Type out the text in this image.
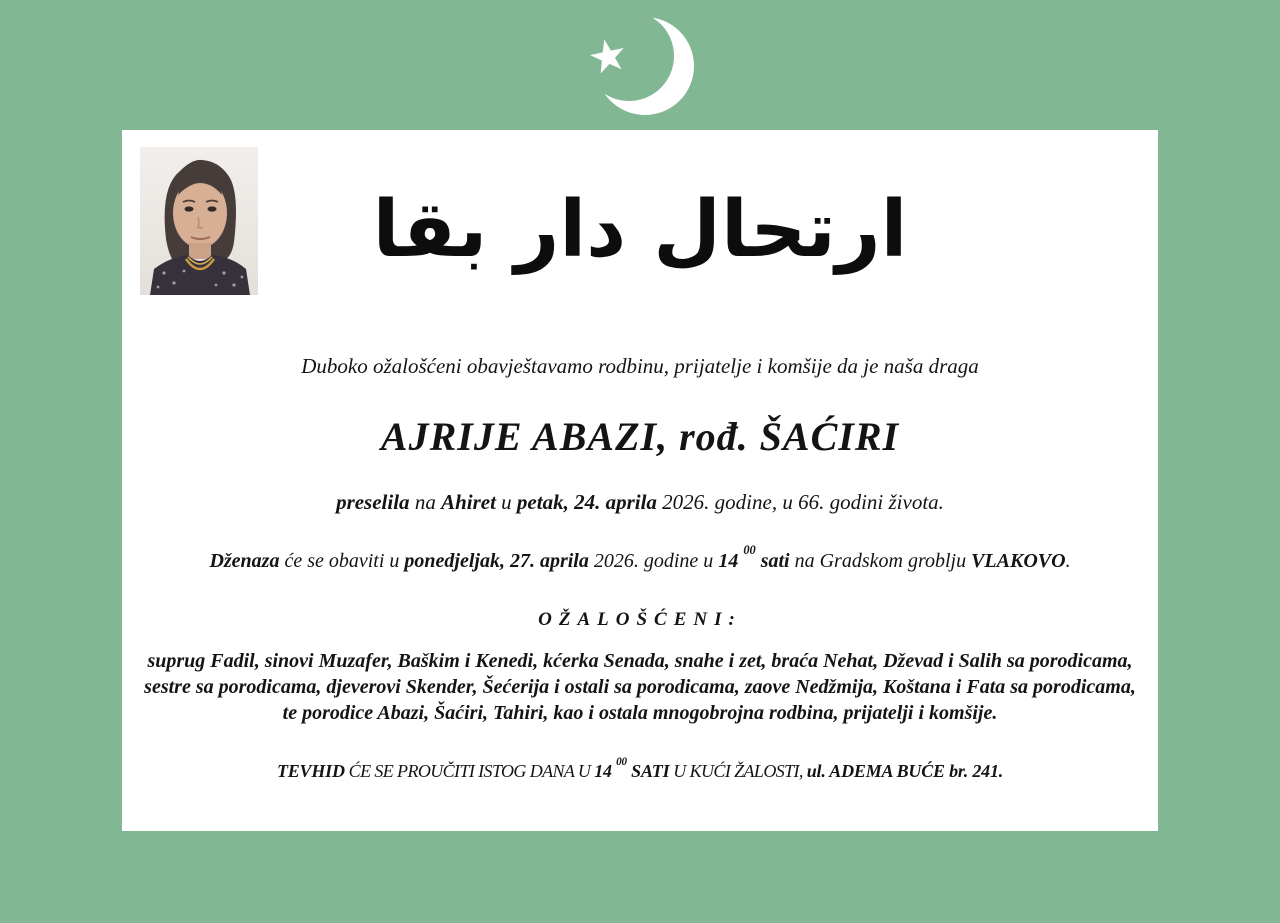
ارتحال دار بقا

Duboko ožalošćeni obavještavamo rodbinu, prijatelje i komšije da je naša draga

AJRIJE ABAZI, rođ. ŠAĆIRI

preselila na Ahiret u petak, 24. aprila 2026. godine, u 66. godini života.

Dženaza će se obaviti u ponedjeljak, 27. aprila 2026. godine u 14 $^{00}$ sati na Gradskom groblju VLAKOVO.

OŽALOŠĆENI:

suprug Fadil, sinovi Muzafer, Baškim i Kenedi, kćerka Senada, snahe i zet, braća Nehat, Dževad i Salih sa porodicama, sestre sa porodicama, djeverovi Skender, Šećerija i ostali sa porodicama, zaove Nedžmija, Koštana i Fata sa porodicama, te porodice Abazi, Šaćiri, Tahiri, kao i ostala mnogobrojna rodbina, prijatelji i komšije.

TEVHID ĆE SE PROUČITI ISTOG DANA U 14 $^{00}$ SATI U KUĆI ŽALOSTI, ul. ADEMA BUĆE br. 241.
